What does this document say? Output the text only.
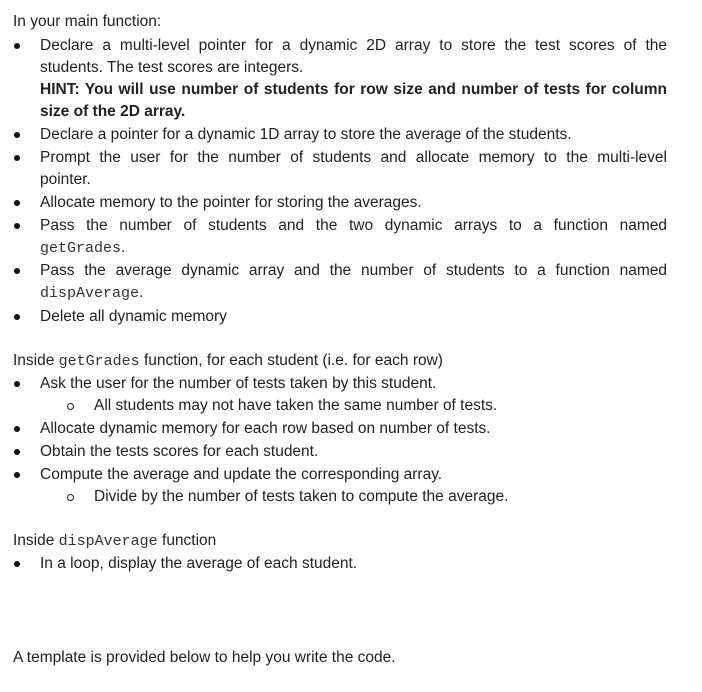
In your main function:
Declare a multi-level pointer for a dynamic 2D array to store the test scores of the
students. The test scores are integers.
HINT: You will use number of students for row size and number of tests for column
size of the 2D array.
Declare a pointer for a dynamic 1D array to store the average of the students.
Prompt the user for the number of students and allocate memory to the multi-level
pointer.
Allocate memory to the pointer for storing the averages.
Pass the number of students and the two dynamic arrays to a function named
getGrades.
Pass the average dynamic array and the number of students to a function named
dispAverage.
Delete all dynamic memory
Inside getGrades function, for each student (i.e. for each row)
Ask the user for the number of tests taken by this student.
All students may not have taken the same number of tests.
Allocate dynamic memory for each row based on number of tests.
Obtain the tests scores for each student.
Compute the average and update the corresponding array.
Divide by the number of tests taken to compute the average.
Inside dispAverage function
In a loop, display the average of each student.
A template is provided below to help you write the code.
